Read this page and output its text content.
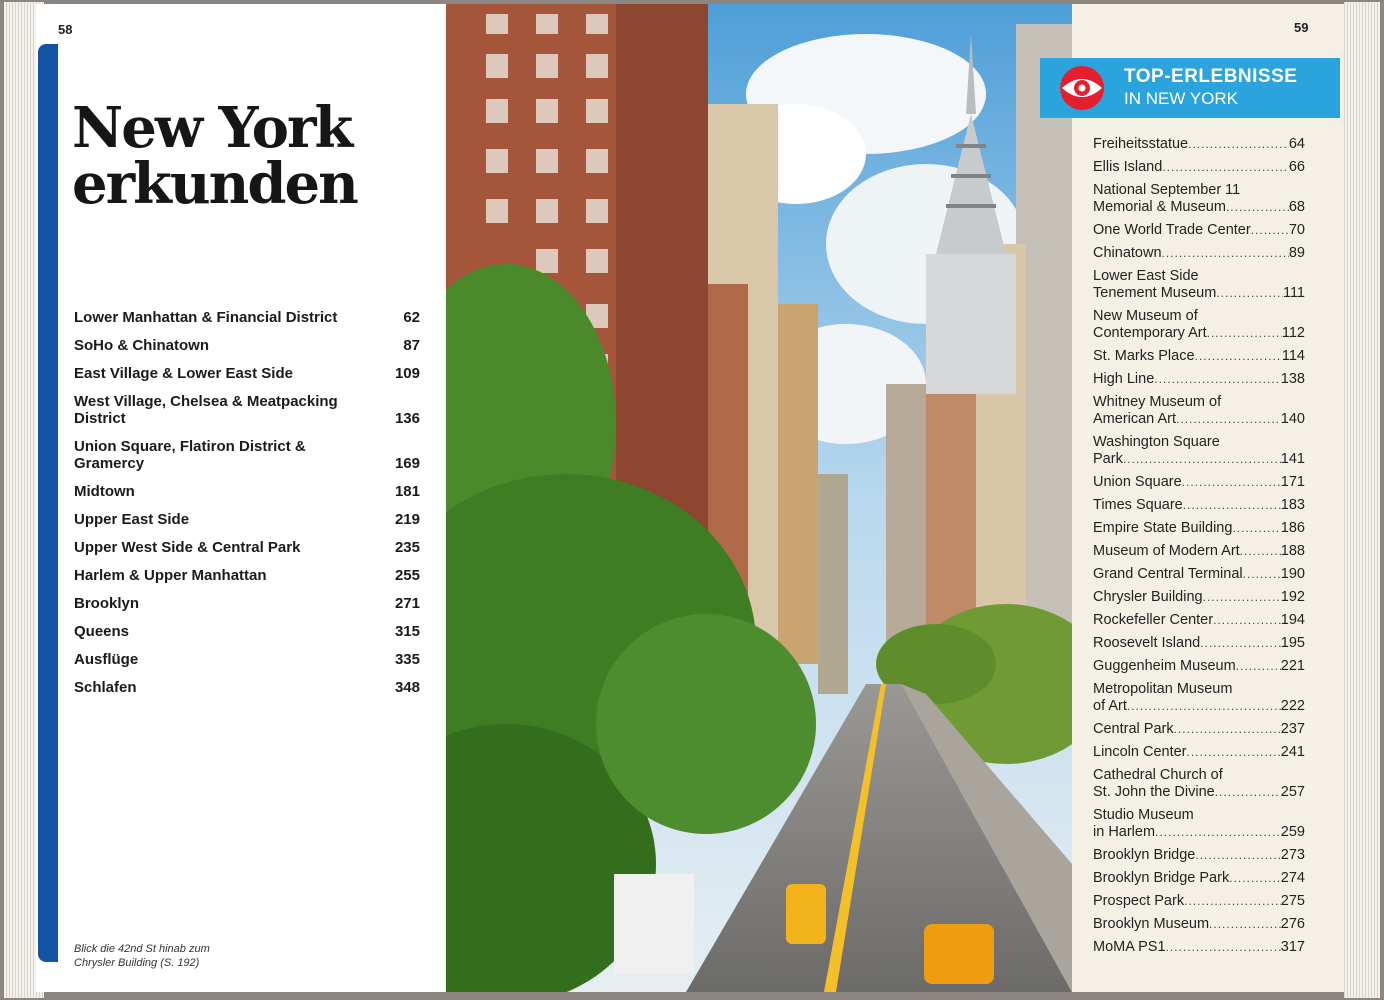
58
New York
erkunden
Lower Manhattan & Financial District	62
SoHo & Chinatown	87
East Village & Lower East Side	109
West Village, Chelsea & Meatpacking District	136
Union Square, Flatiron District & Gramercy	169
Midtown	181
Upper East Side	219
Upper West Side & Central Park	235
Harlem & Upper Manhattan	255
Brooklyn	271
Queens	315
Ausflüge	335
Schlafen	348
Blick die 42nd St hinab zum
Chrysler Building (S. 192)
59
TOP-ERLEBNISSE
IN NEW YORK
Freiheitsstatue .....	64
Ellis Island .....	66
National September 11
Memorial & Museum .....	68
One World Trade Center .....	70
Chinatown .....	89
Lower East Side
Tenement Museum .....	111
New Museum of
Contemporary Art .....	112
St. Marks Place .....	114
High Line .....	138
Whitney Museum of
American Art .....	140
Washington Square
Park .....	141
Union Square .....	171
Times Square .....	183
Empire State Building .....	186
Museum of Modern Art .....	188
Grand Central Terminal .....	190
Chrysler Building .....	192
Rockefeller Center .....	194
Roosevelt Island .....	195
Guggenheim Museum .....	221
Metropolitan Museum
of Art .....	222
Central Park .....	237
Lincoln Center .....	241
Cathedral Church of
St. John the Divine .....	257
Studio Museum
in Harlem .....	259
Brooklyn Bridge .....	273
Brooklyn Bridge Park .....	274
Prospect Park .....	275
Brooklyn Museum .....	276
MoMA PS1 .....	317
